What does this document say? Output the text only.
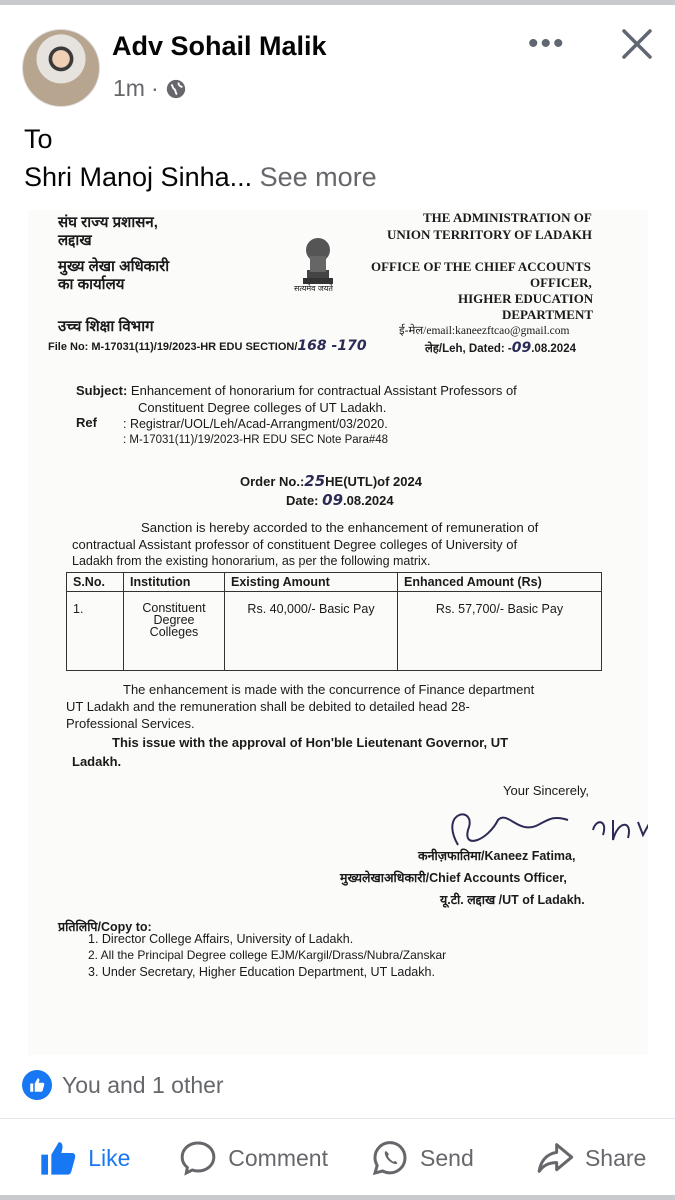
Adv Sohail Malik
1m ·
•••
To
Shri Manoj Sinha... See more
संघ राज्य प्रशासन,
लद्दाख
मुख्य लेखा अधिकारी
का कार्यालय	सत्यमेव जयते
THE ADMINISTRATION OF
UNION TERRITORY OF LADAKH
OFFICE OF THE CHIEF ACCOUNTS
OFFICER,
HIGHER EDUCATION
DEPARTMENT
उच्च शिक्षा विभाग	ई-मेल/email:kaneezftcao@gmail.com
File No: M-17031(11)/19/2023-HR EDU SECTION/168 -170	लेह/Leh, Dated: -09.08.2024
Subject: Enhancement of honorarium for contractual Assistant Professors of
Constituent Degree colleges of UT Ladakh.
Ref : Registrar/UOL/Leh/Acad-Arrangment/03/2020.
: M-17031(11)/19/2023-HR EDU SEC Note Para#48
Order No.:25HE(UTL)of 2024
Date: 09.08.2024
Sanction is hereby accorded to the enhancement of remuneration of
contractual Assistant professor of constituent Degree colleges of University of
Ladakh from the existing honorarium, as per the following matrix.
S.No.	Institution	Existing Amount	Enhanced Amount (Rs)
1.	Constituent
Degree
Colleges	Rs. 40,000/- Basic Pay	Rs. 57,700/- Basic Pay
The enhancement is made with the concurrence of Finance department
UT Ladakh and the remuneration shall be debited to detailed head 28-
Professional Services.
This issue with the approval of Hon'ble Lieutenant Governor, UT
Ladakh.
Your Sincerely,
कनीज़फातिमा/Kaneez Fatima,
मुख्यलेखाअधिकारी/Chief Accounts Officer,
यू.टी. लद्दाख /UT of Ladakh.
प्रतिलिपि/Copy to:
1. Director College Affairs, University of Ladakh.
2. All the Principal Degree college EJM/Kargil/Drass/Nubra/Zanskar
3. Under Secretary, Higher Education Department, UT Ladakh.
You and 1 other
Like	Comment	Send	Share
